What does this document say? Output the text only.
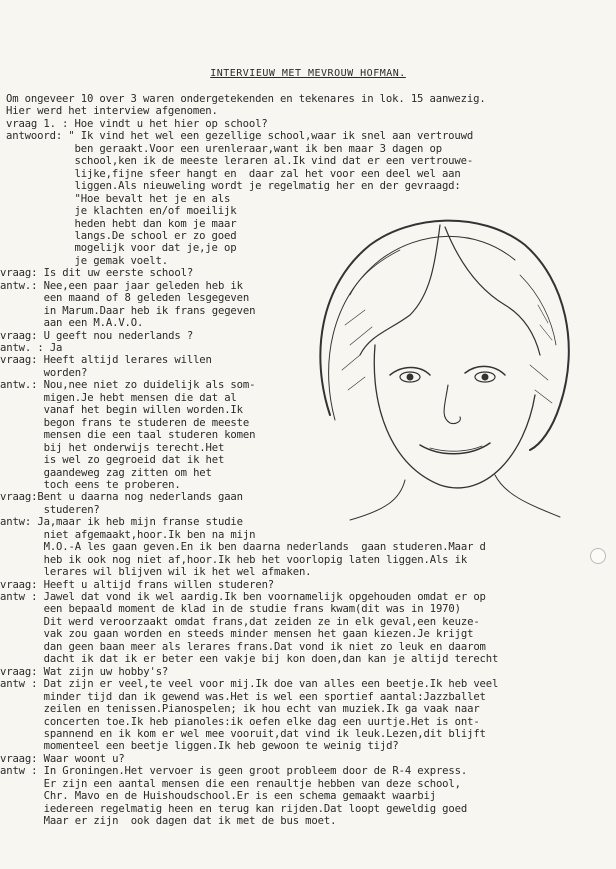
INTERVIEUW MET MEVROUW HOFMAN.
Om ongeveer 10 over 3 waren ondergetekenden en tekenares in lok. 15 aanwezig.
Hier werd het interview afgenomen.
vraag 1. : Hoe vindt u het hier op school?
antwoord: " Ik vind het wel een gezellige school,waar ik snel aan vertrouwd
ben geraakt.Voor een urenleraar,want ik ben maar 3 dagen op
school,ken ik de meeste leraren al.Ik vind dat er een vertrouwe-
lijke,fijne sfeer hangt en  daar zal het voor een deel wel aan
liggen.Als nieuweling wordt je regelmatig her en der gevraagd:
"Hoe bevalt het je en als
je klachten en/of moeilijk
heden hebt dan kom je maar
langs.De school er zo goed
mogelijk voor dat je,je op
je gemak voelt.
vraag: Is dit uw eerste school?
antw.: Nee,een paar jaar geleden heb ik
een maand of 8 geleden lesgegeven
in Marum.Daar heb ik frans gegeven
aan een M.A.V.O.
vraag: U geeft nou nederlands ?
antw. : Ja
vraag: Heeft altijd lerares willen
worden?
antw.: Nou,nee niet zo duidelijk als som-
migen.Je hebt mensen die dat al
vanaf het begin willen worden.Ik
begon frans te studeren de meeste
mensen die een taal studeren komen
bij het onderwijs terecht.Het
is wel zo gegroeid dat ik het
gaandeweg zag zitten om het
toch eens te proberen.
vraag:Bent u daarna nog nederlands gaan
studeren?
antw: Ja,maar ik heb mijn franse studie
niet afgemaakt,hoor.Ik ben na mijn
M.O.-A les gaan geven.En ik ben daarna nederlands  gaan studeren.Maar d
heb ik ook nog niet af,hoor.Ik heb het voorlopig laten liggen.Als ik
lerares wil blijven wil ik het wel afmaken.
vraag: Heeft u altijd frans willen studeren?
antw : Jawel dat vond ik wel aardig.Ik ben voornamelijk opgehouden omdat er op
een bepaald moment de klad in de studie frans kwam(dit was in 1970)
Dit werd veroorzaakt omdat frans,dat zeiden ze in elk geval,een keuze-
vak zou gaan worden en steeds minder mensen het gaan kiezen.Je krijgt
dan geen baan meer als lerares frans.Dat vond ik niet zo leuk en daarom
dacht ik dat ik er beter een vakje bij kon doen,dan kan je altijd terecht
vraag: Wat zijn uw hobby's?
antw : Dat zijn er veel,te veel voor mij.Ik doe van alles een beetje.Ik heb veel
minder tijd dan ik gewend was.Het is wel een sportief aantal:Jazzballet
zeilen en tenissen.Pianospelen; ik hou echt van muziek.Ik ga vaak naar
concerten toe.Ik heb pianoles:ik oefen elke dag een uurtje.Het is ont-
spannend en ik kom er wel mee vooruit,dat vind ik leuk.Lezen,dit blijft
momenteel een beetje liggen.Ik heb gewoon te weinig tijd?
vraag: Waar woont u?
antw : In Groningen.Het vervoer is geen groot probleem door de R-4 express.
Er zijn een aantal mensen die een renaultje hebben van deze school,
Chr. Mavo en de Huishoudschool.Er is een schema gemaakt waarbij
iedereen regelmatig heen en terug kan rijden.Dat loopt geweldig goed
Maar er zijn  ook dagen dat ik met de bus moet.
